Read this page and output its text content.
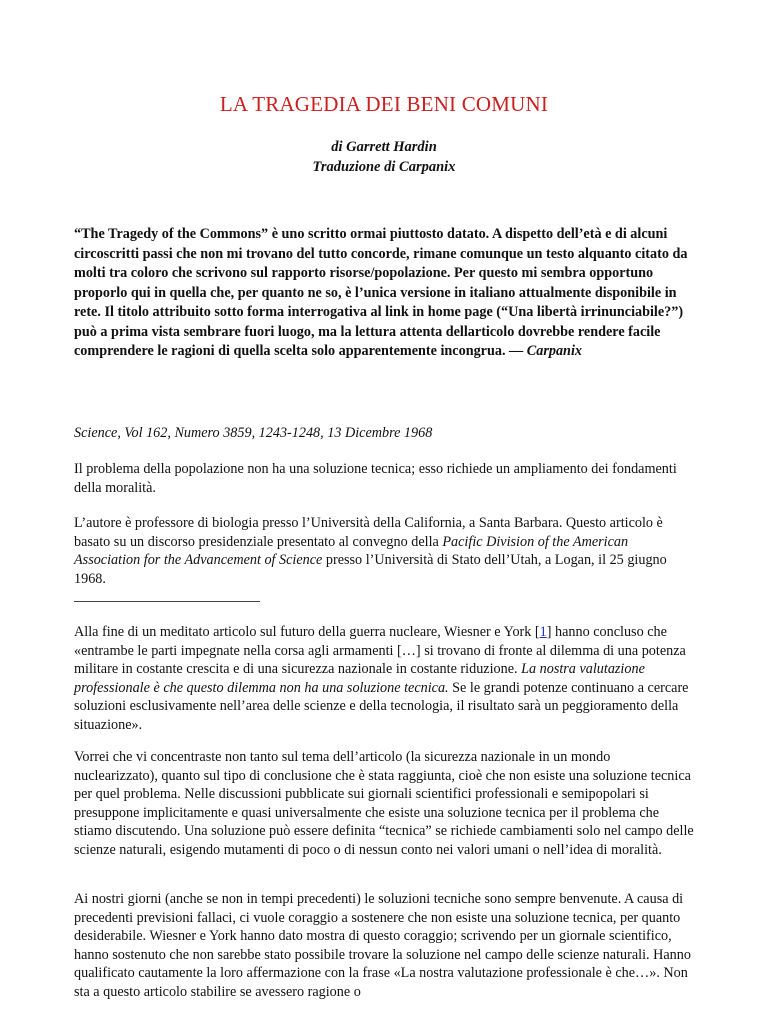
LA TRAGEDIA DEI BENI COMUNI
di Garrett Hardin
Traduzione di Carpanix
“The Tragedy of the Commons” è uno scritto ormai piuttosto datato. A dispetto dell’età e di alcuni circoscritti passi che non mi trovano del tutto concorde, rimane comunque un testo alquanto citato da molti tra coloro che scrivono sul rapporto risorse/popolazione. Per questo mi sembra opportuno proporlo qui in quella che, per quanto ne so, è l’unica versione in italiano attualmente disponibile in rete. Il titolo attribuito sotto forma interrogativa al link in home page (“Una libertà irrinunciabile?”) può a prima vista sembrare fuori luogo, ma la lettura attenta dellarticolo dovrebbe rendere facile comprendere le ragioni di quella scelta solo apparentemente incongrua. — Carpanix
Science, Vol 162, Numero 3859, 1243-1248, 13 Dicembre 1968
Il problema della popolazione non ha una soluzione tecnica; esso richiede un ampliamento dei fondamenti della moralità.
L’autore è professore di biologia presso l’Università della California, a Santa Barbara. Questo articolo è basato su un discorso presidenziale presentato al convegno della Pacific Division of the American Association for the Advancement of Science presso l’Università di Stato dell’Utah, a Logan, il 25 giugno 1968.
Alla fine di un meditato articolo sul futuro della guerra nucleare, Wiesner e York [1] hanno concluso che «entrambe le parti impegnate nella corsa agli armamenti […] si trovano di fronte al dilemma di una potenza militare in costante crescita e di una sicurezza nazionale in costante riduzione. La nostra valutazione professionale è che questo dilemma non ha una soluzione tecnica. Se le grandi potenze continuano a cercare soluzioni esclusivamente nell’area delle scienze e della tecnologia, il risultato sarà un peggioramento della situazione».
Vorrei che vi concentraste non tanto sul tema dell’articolo (la sicurezza nazionale in un mondo nuclearizzato), quanto sul tipo di conclusione che è stata raggiunta, cioè che non esiste una soluzione tecnica per quel problema. Nelle discussioni pubblicate sui giornali scientifici professionali e semipopolari si presuppone implicitamente e quasi universalmente che esiste una soluzione tecnica per il problema che stiamo discutendo. Una soluzione può essere definita “tecnica” se richiede cambiamenti solo nel campo delle scienze naturali, esigendo mutamenti di poco o di nessun conto nei valori umani o nell’idea di moralità.
Ai nostri giorni (anche se non in tempi precedenti) le soluzioni tecniche sono sempre benvenute. A causa di precedenti previsioni fallaci, ci vuole coraggio a sostenere che non esiste una soluzione tecnica, per quanto desiderabile. Wiesner e York hanno dato mostra di questo coraggio; scrivendo per un giornale scientifico, hanno sostenuto che non sarebbe stato possibile trovare la soluzione nel campo delle scienze naturali. Hanno qualificato cautamente la loro affermazione con la frase «La nostra valutazione professionale è che…». Non sta a questo articolo stabilire se avessero ragione o
